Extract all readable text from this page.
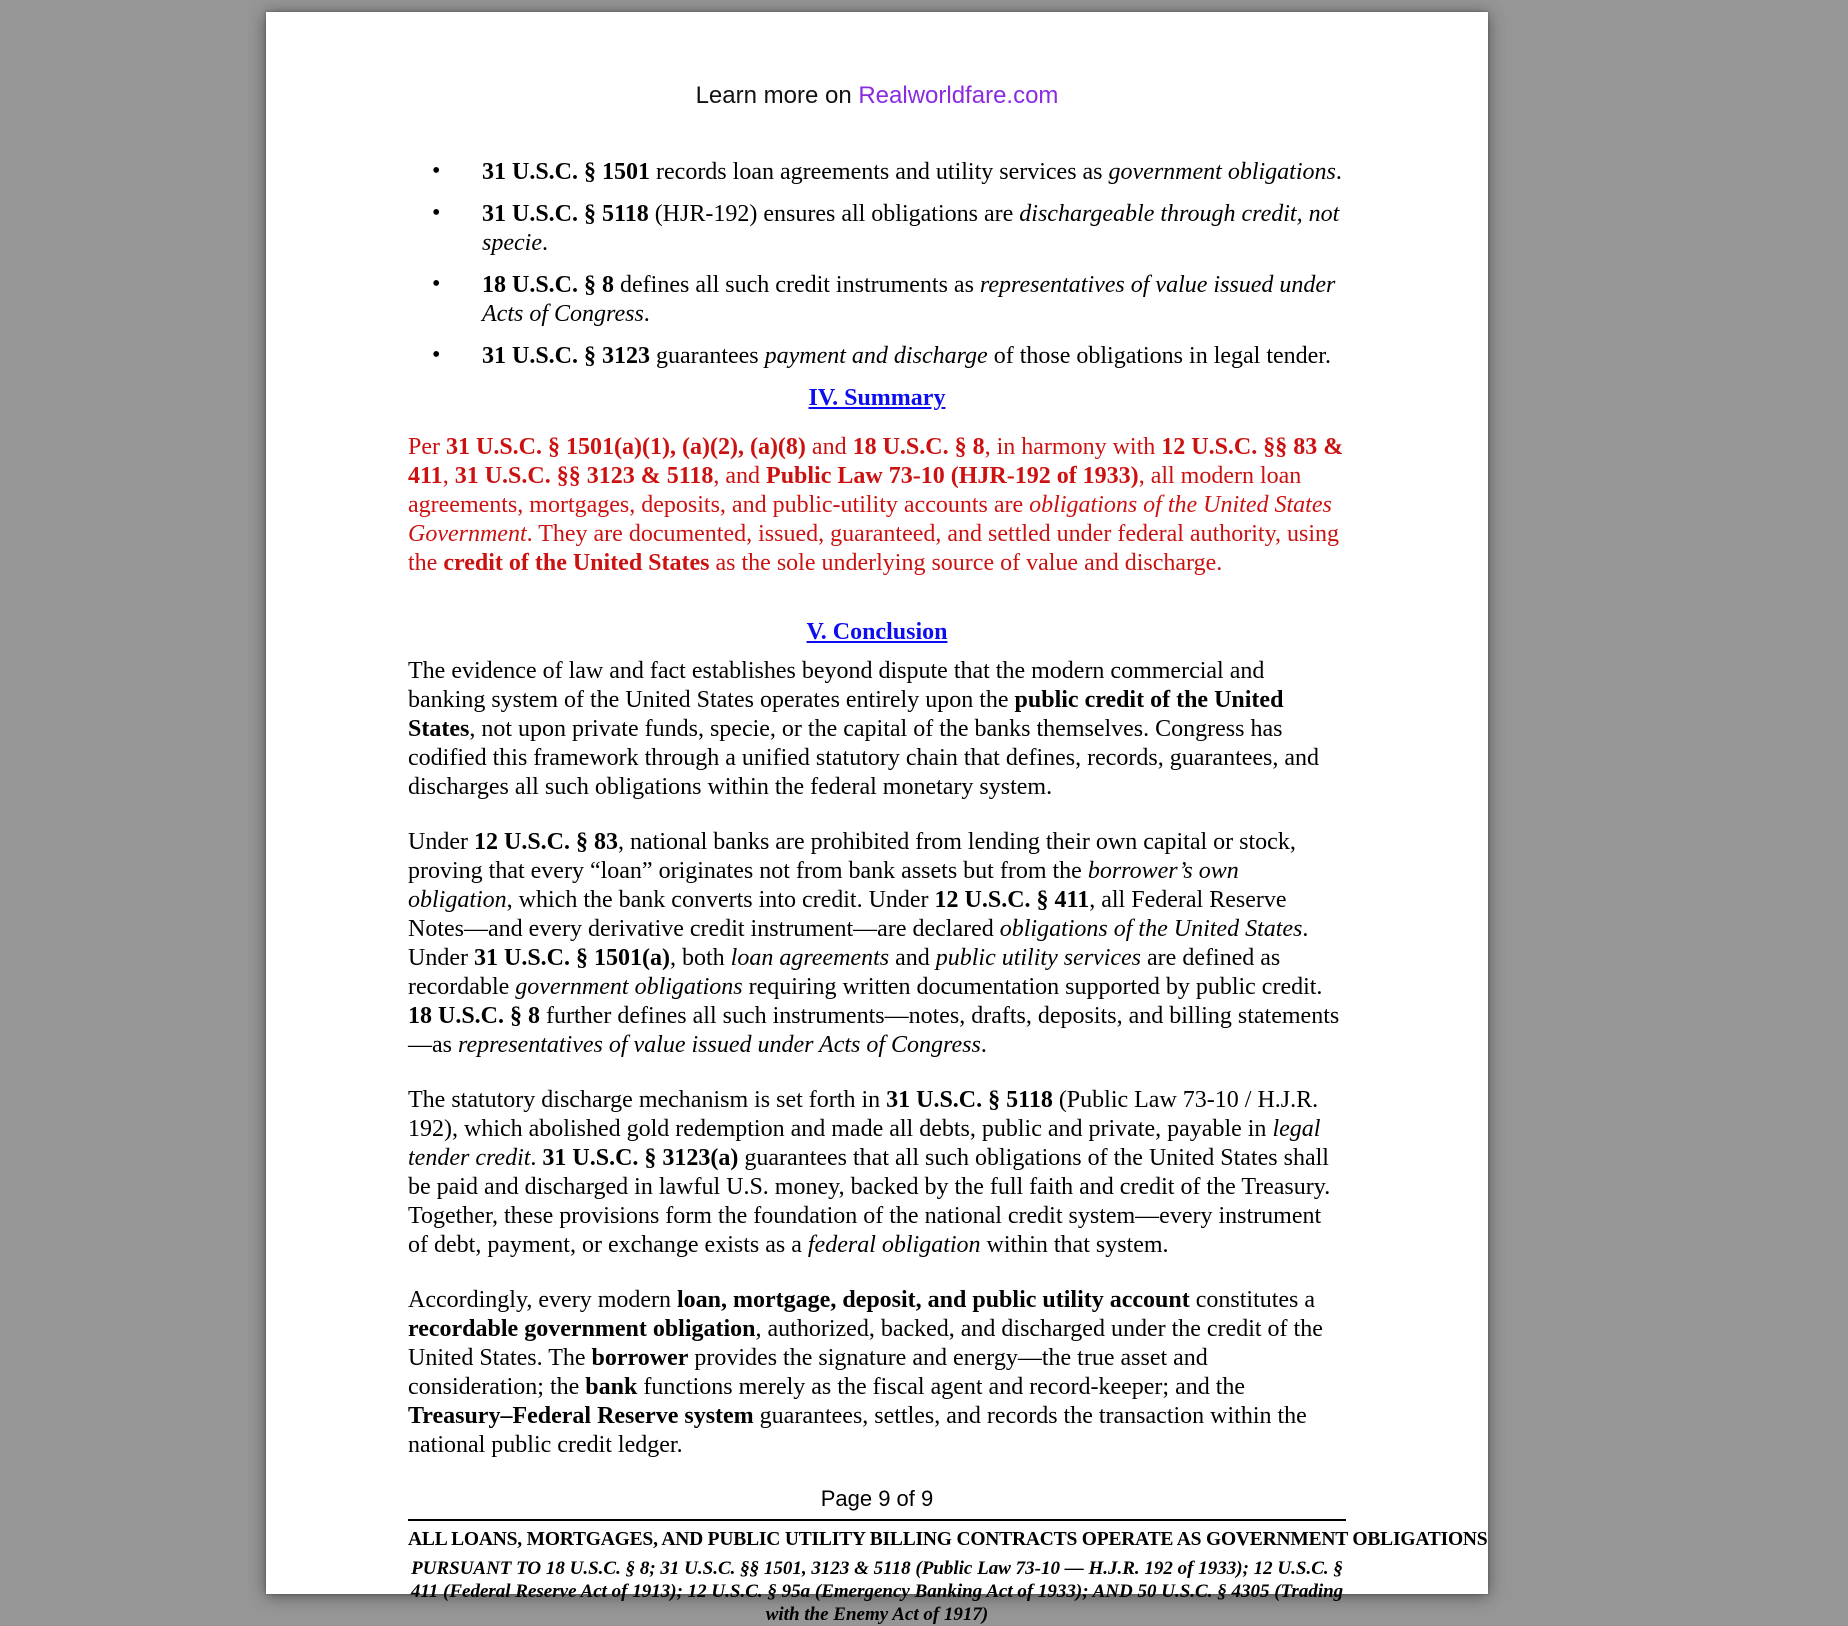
Learn more on Realworldfare.com
• 31 U.S.C. § 1501 records loan agreements and utility services as government obligations.
• 31 U.S.C. § 5118 (HJR-192) ensures all obligations are dischargeable through credit, not specie.
• 18 U.S.C. § 8 defines all such credit instruments as representatives of value issued under Acts of Congress.
• 31 U.S.C. § 3123 guarantees payment and discharge of those obligations in legal tender.
IV. Summary

Per 31 U.S.C. § 1501(a)(1), (a)(2), (a)(8) and 18 U.S.C. § 8, in harmony with 12 U.S.C. §§ 83 & 411, 31 U.S.C. §§ 3123 & 5118, and Public Law 73-10 (HJR-192 of 1933), all modern loan agreements, mortgages, deposits, and public-utility accounts are obligations of the United States Government. They are documented, issued, guaranteed, and settled under federal authority, using the credit of the United States as the sole underlying source of value and discharge.

V. Conclusion

The evidence of law and fact establishes beyond dispute that the modern commercial and banking system of the United States operates entirely upon the public credit of the United States, not upon private funds, specie, or the capital of the banks themselves. Congress has codified this framework through a unified statutory chain that defines, records, guarantees, and discharges all such obligations within the federal monetary system.

Under 12 U.S.C. § 83, national banks are prohibited from lending their own capital or stock, proving that every “loan” originates not from bank assets but from the borrower’s own obligation, which the bank converts into credit. Under 12 U.S.C. § 411, all Federal Reserve Notes—and every derivative credit instrument—are declared obligations of the United States. Under 31 U.S.C. § 1501(a), both loan agreements and public utility services are defined as recordable government obligations requiring written documentation supported by public credit. 18 U.S.C. § 8 further defines all such instruments—notes, drafts, deposits, and billing statements—as representatives of value issued under Acts of Congress.

The statutory discharge mechanism is set forth in 31 U.S.C. § 5118 (Public Law 73-10 / H.J.R. 192), which abolished gold redemption and made all debts, public and private, payable in legal tender credit. 31 U.S.C. § 3123(a) guarantees that all such obligations of the United States shall be paid and discharged in lawful U.S. money, backed by the full faith and credit of the Treasury. Together, these provisions form the foundation of the national credit system—every instrument of debt, payment, or exchange exists as a federal obligation within that system.

Accordingly, every modern loan, mortgage, deposit, and public utility account constitutes a recordable government obligation, authorized, backed, and discharged under the credit of the United States. The borrower provides the signature and energy—the true asset and consideration; the bank functions merely as the fiscal agent and record-keeper; and the Treasury–Federal Reserve system guarantees, settles, and records the transaction within the national public credit ledger.

Page 9 of 9
ALL LOANS, MORTGAGES, AND PUBLIC UTILITY BILLING CONTRACTS OPERATE AS GOVERNMENT OBLIGATIONS
PURSUANT TO 18 U.S.C. § 8; 31 U.S.C. §§ 1501, 3123 & 5118 (Public Law 73-10 — H.J.R. 192 of 1933); 12 U.S.C. § 411 (Federal Reserve Act of 1913); 12 U.S.C. § 95a (Emergency Banking Act of 1933); AND 50 U.S.C. § 4305 (Trading with the Enemy Act of 1917)
